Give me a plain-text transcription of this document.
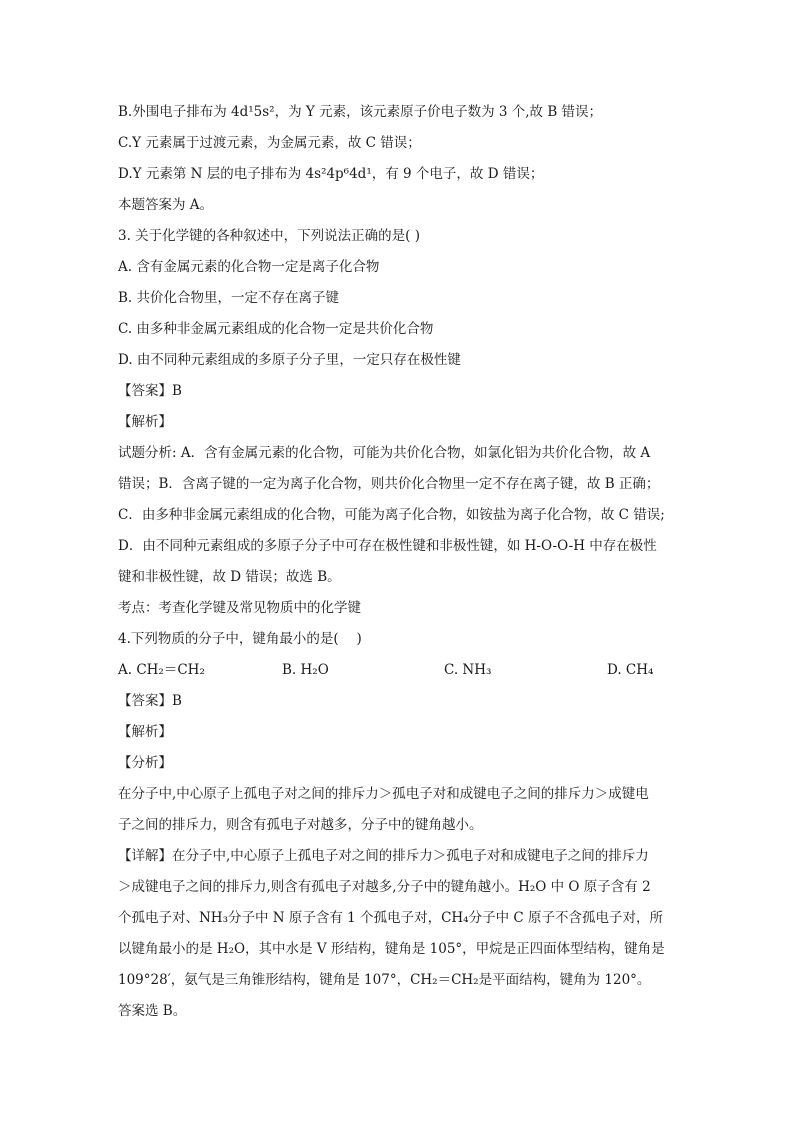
B.外围电子排布为 4d¹5s²，为 Y 元素，该元素原子价电子数为 3 个,故 B 错误；
C.Y 元素属于过渡元素，为金属元素，故 C 错误；
D.Y 元素第 N 层的电子排布为 4s²4p⁶4d¹，有 9 个电子，故 D 错误；
本题答案为 A。
3. 关于化学键的各种叙述中，下列说法正确的是( )
A. 含有金属元素的化合物一定是离子化合物
B. 共价化合物里，一定不存在离子键
C. 由多种非金属元素组成的化合物一定是共价化合物
D. 由不同种元素组成的多原子分子里，一定只存在极性键
【答案】B
【解析】
试题分析: A．含有金属元素的化合物，可能为共价化合物，如氯化铝为共价化合物，故 A
错误；B．含离子键的一定为离子化合物，则共价化合物里一定不存在离子键，故 B 正确；
C．由多种非金属元素组成的化合物，可能为离子化合物，如铵盐为离子化合物，故 C 错误;
D．由不同种元素组成的多原子分子中可存在极性键和非极性键，如 H-O-O-H 中存在极性
键和非极性键，故 D 错误；故选 B。
考点：考查化学键及常见物质中的化学键
4.下列物质的分子中，键角最小的是(　 )
A. CH₂＝CH₂	B. H₂O	C. NH₃	D. CH₄
【答案】B
【解析】
【分析】
在分子中,中心原子上孤电子对之间的排斥力＞孤电子对和成键电子之间的排斥力＞成键电
子之间的排斥力，则含有孤电子对越多，分子中的键角越小。
【详解】在分子中,中心原子上孤电子对之间的排斥力＞孤电子对和成键电子之间的排斥力
＞成键电子之间的排斥力,则含有孤电子对越多,分子中的键角越小。H₂O 中 O 原子含有 2
个孤电子对、NH₃分子中 N 原子含有 1 个孤电子对，CH₄分子中 C 原子不含孤电子对，所
以键角最小的是 H₂O，其中水是 V 形结构，键角是 105°，甲烷是正四面体型结构，键角是
109°28′，氨气是三角锥形结构，键角是 107°，CH₂＝CH₂是平面结构，键角为 120°。
答案选 B。
